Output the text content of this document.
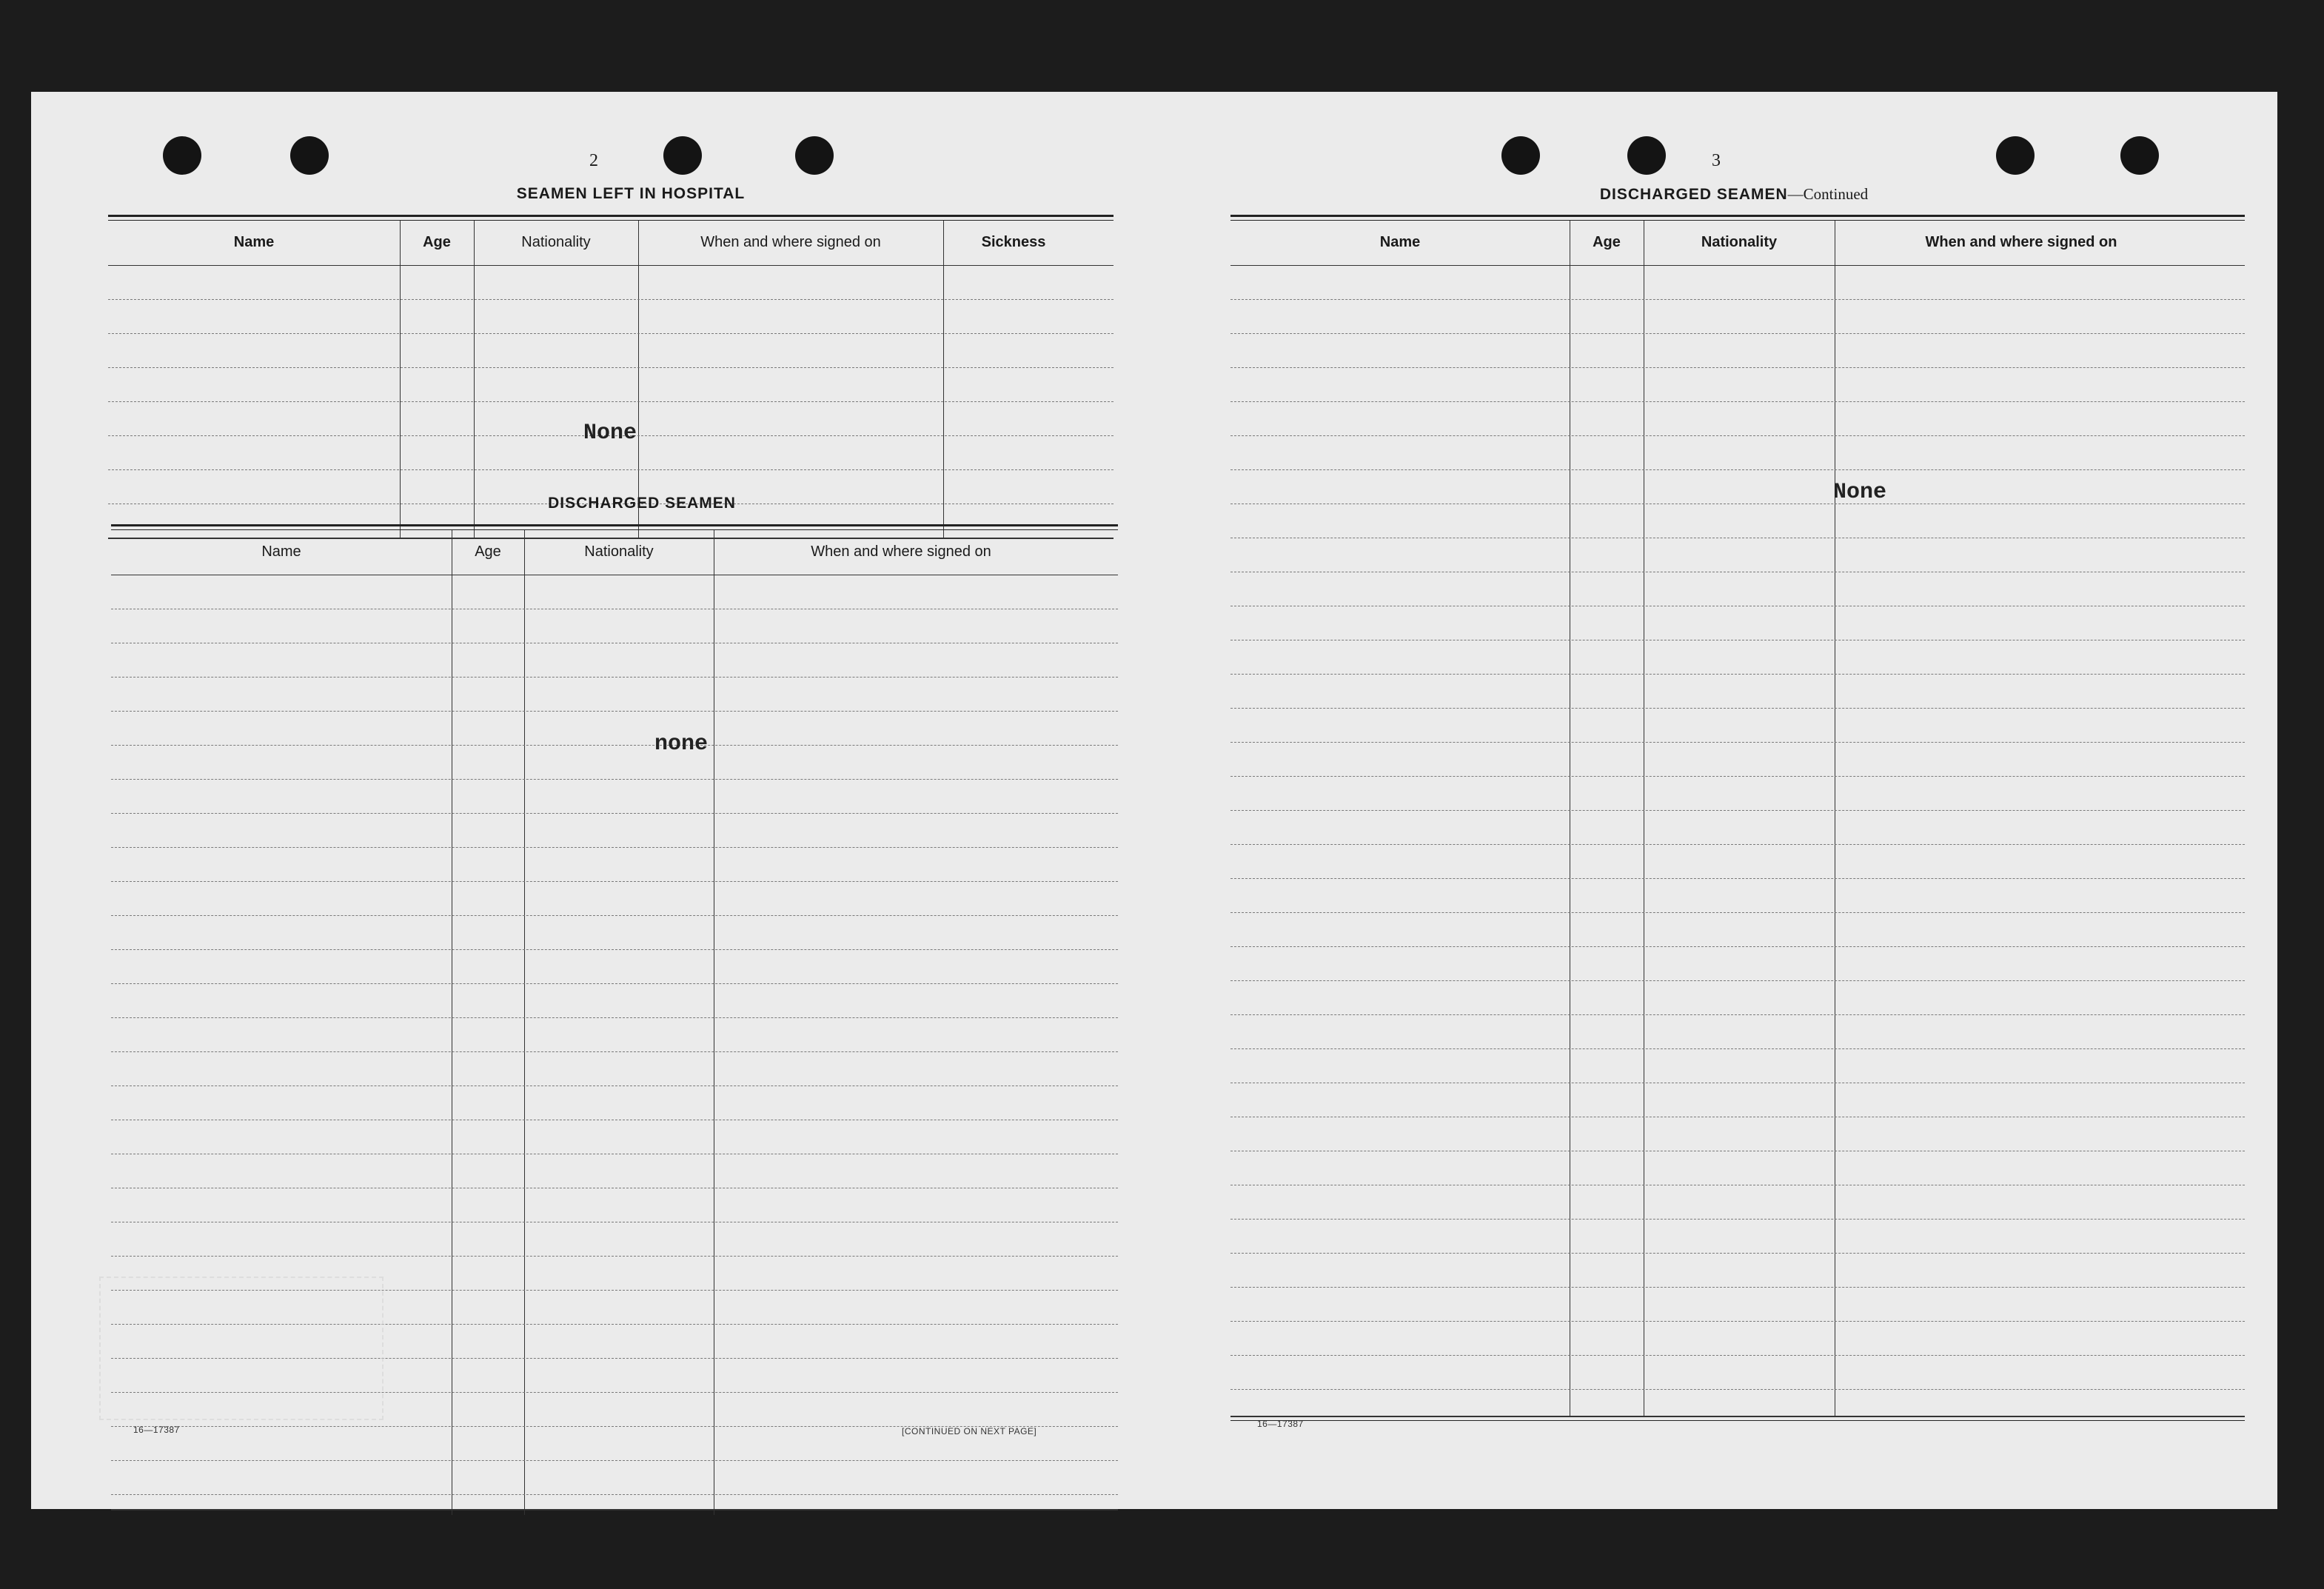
2
SEAMEN LEFT IN HOSPITAL
Name	Age	Nationality	When and where signed on	Sickness
None
DISCHARGED SEAMEN
Name	Age	Nationality	When and where signed on
none
16—17387	[CONTINUED ON NEXT PAGE]
3
DISCHARGED SEAMEN—Continued
Name	Age	Nationality	When and where signed on
None
16—17387
